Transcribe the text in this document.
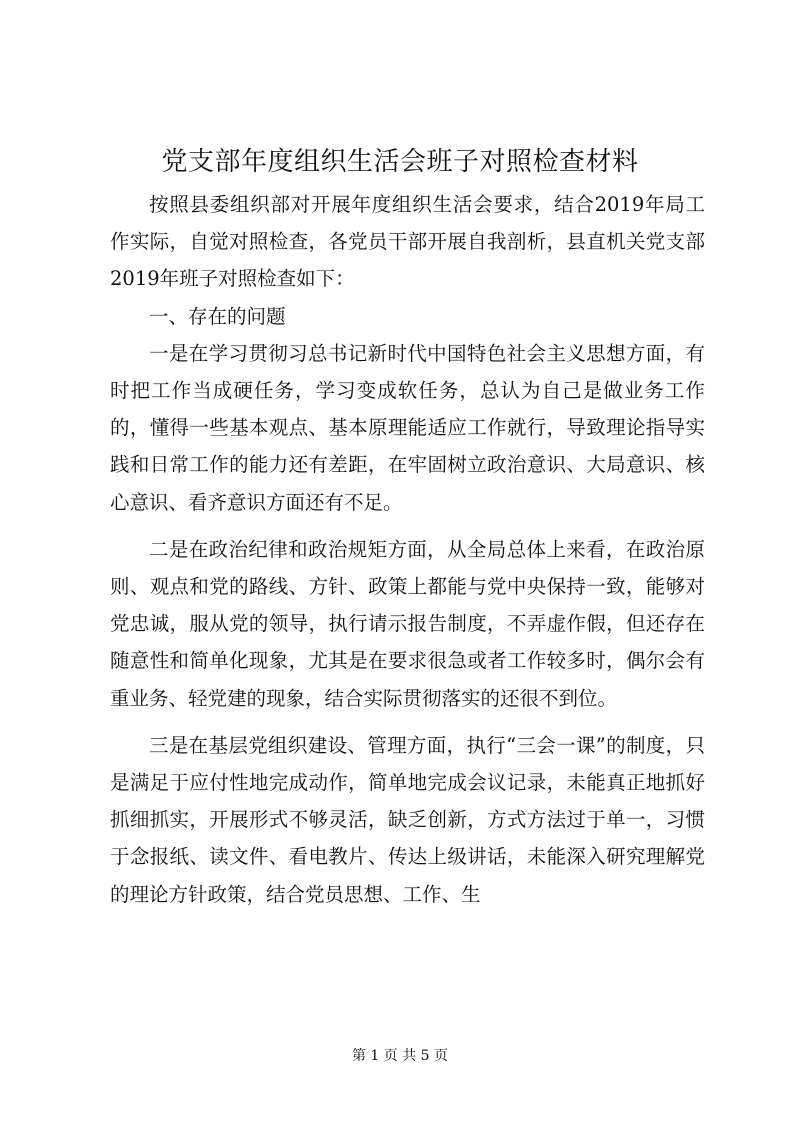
党支部年度组织生活会班子对照检查材料

按照县委组织部对开展年度组织生活会要求，结合2019年局工作实际，自觉对照检查，各党员干部开展自我剖析，县直机关党支部2019年班子对照检查如下：

一、存在的问题

一是在学习贯彻习总书记新时代中国特色社会主义思想方面，有时把工作当成硬任务，学习变成软任务，总认为自己是做业务工作的，懂得一些基本观点、基本原理能适应工作就行，导致理论指导实践和日常工作的能力还有差距，在牢固树立政治意识、大局意识、核心意识、看齐意识方面还有不足。

二是在政治纪律和政治规矩方面，从全局总体上来看，在政治原则、观点和党的路线、方针、政策上都能与党中央保持一致，能够对党忠诚，服从党的领导，执行请示报告制度，不弄虚作假，但还存在随意性和简单化现象，尤其是在要求很急或者工作较多时，偶尔会有重业务、轻党建的现象，结合实际贯彻落实的还很不到位。

三是在基层党组织建设、管理方面，执行“三会一课”的制度，只是满足于应付性地完成动作，简单地完成会议记录，未能真正地抓好抓细抓实，开展形式不够灵活，缺乏创新，方式方法过于单一，习惯于念报纸、读文件、看电教片、传达上级讲话，未能深入研究理解党的理论方针政策，结合党员思想、工作、生

第 1 页 共 5 页
